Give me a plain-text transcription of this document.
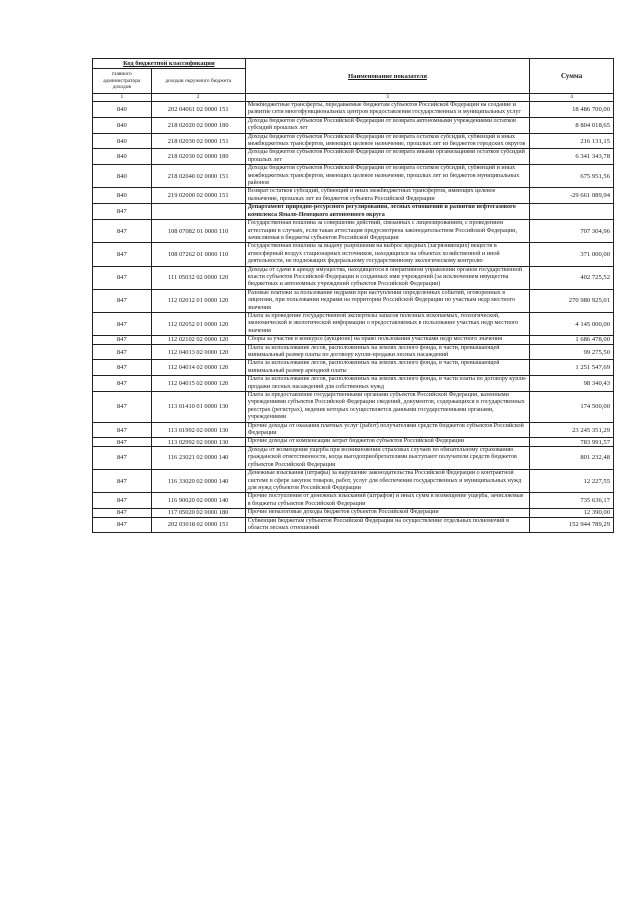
Код бюджетной классификации		Наименование показателя	Сумма
главного администратора доходов	доходов окружного бюджета		
1	2	3	4
840	202 04061 02 0000 151	Межбюджетные трансферты, передаваемые бюджетам субъектов Российской Федерации на создание и развитие сети многофункциональных центров предоставления государственных и муниципальных услуг	18 486 700,00
840	218 02020 02 0000 180	Доходы бюджетов субъектов Российской Федерации от возврата автономными учреждениями остатков субсидий прошлых лет	8 804 018,65
840	218 02030 02 0000 151	Доходы бюджетов субъектов Российской Федерации от возврата остатков субсидий, субвенций и иных межбюджетных трансфертов, имеющих целевое назначение, прошлых лет из бюджетов городских округов	216 131,15
840	218 02030 02 0000 180	Доходы бюджетов субъектов Российской Федерации от возврата иными организациями остатков субсидий прошлых лет	6 341 343,78
840	218 02040 02 0000 151	Доходы бюджетов субъектов Российской Федерации от возврата остатков субсидий, субвенций и иных межбюджетных трансфертов, имеющих целевое назначение, прошлых лет из бюджетов муниципальных районов	675 951,56
840	219 02000 02 0000 151	Возврат остатков субсидий, субвенций и иных межбюджетных трансфертов, имеющих целевое назначение, прошлых лет из бюджетов субъекта Российской Федерации	-29 661 089,94
847		Департамент природно-ресурсного регулирования, лесных отношений и развития нефтегазового комплекса Ямало-Ненецкого автономного округа	
847	108 07082 01 0000 110	Государственная пошлина за совершение действий, связанных с лицензированием, с проведением аттестации в случаях, если такая аттестация предусмотрена законодательством Российской Федерации, зачисляемая в бюджеты субъектов Российской Федерации	707 304,96
847	108 07262 01 0000 110	Государственная пошлина за выдачу разрешения на выброс вредных (загрязняющих) веществ в атмосферный воздух стационарных источников, находящихся на объектах хозяйственной и иной деятельности, не подлежащих федеральному государственному экологическому контролю	371 000,00
847	111 05032 02 0000 120	Доходы от сдачи в аренду имущества, находящегося в оперативном управлении органов государственной власти субъектов Российской Федерации и созданных ими учреждений (за исключением имущества бюджетных и автономных учреждений субъектов Российской Федерации)	402 725,52
847	112 02012 01 0000 120	Разовые платежи за пользование недрами при наступлении определенных событий, оговоренных в лицензии, при пользовании недрами на территории Российской Федерации по участкам недр местного значения	270 980 925,01
847	112 02052 01 0000 120	Плата за проведение государственной экспертизы запасов полезных ископаемых, геологической, экономической и экологической информации о предоставляемых в пользование участках недр местного значения	4 145 000,00
847	112 02102 02 0000 120	Сборы за участие в конкурсе (аукционе) на право пользования участками недр местного значения	1 686 478,00
847	112 04013 02 0000 120	Плата за использование лесов, расположенных на землях лесного фонда, в части, превышающей минимальный размер платы по договору купли-продажи лесных насаждений	99 275,50
847	112 04014 02 0000 120	Плата за использование лесов, расположенных на землях лесного фонда, в части, превышающей минимальный размер арендной платы	1 251 547,69
847	112 04015 02 0000 120	Плата за использование лесов, расположенных на землях лесного фонда, в части платы по договору купли-продажи лесных насаждений для собственных нужд	98 340,43
847	113 01410 01 0000 130	Плата за предоставление государственными органами субъектов Российской Федерации, казенными учреждениями субъектов Российской Федерации сведений, документов, содержащихся в государственных реестрах (регистрах), ведение которых осуществляется данными государственными органами, учреждениями	174 500,00
847	113 01992 02 0000 130	Прочие доходы от оказания платных услуг (работ) получателями средств бюджетов субъектов Российской Федерации	23 245 351,29
847	113 02992 02 0000 130	Прочие доходы от компенсации затрат бюджетов субъектов Российской Федерации	783 991,57
847	116 23021 02 0000 140	Доходы от возмещения ущерба при возникновении страховых случаев по обязательному страхованию гражданской ответственности, когда выгодоприобретателями выступают получатели средств бюджетов субъектов Российской Федерации	801 232,48
847	116 33020 02 0000 140	Денежные взыскания (штрафы) за нарушение законодательства Российской Федерации о контрактной системе в сфере закупок товаров, работ, услуг для обеспечения государственных и муниципальных нужд для нужд субъектов Российской Федерации	12 227,55
847	116 90020 02 0000 140	Прочие поступления от денежных взысканий (штрафов) и иных сумм в возмещение ущерба, зачисляемые в бюджеты субъектов Российской Федерации	735 636,17
847	117 05020 02 0000 180	Прочие неналоговые доходы бюджетов субъектов Российской Федерации	12 390,00
847	202 03018 02 0000 151	Субвенции бюджетам субъектов Российской Федерации на осуществление отдельных полномочий в области лесных отношений	152 944 789,29
